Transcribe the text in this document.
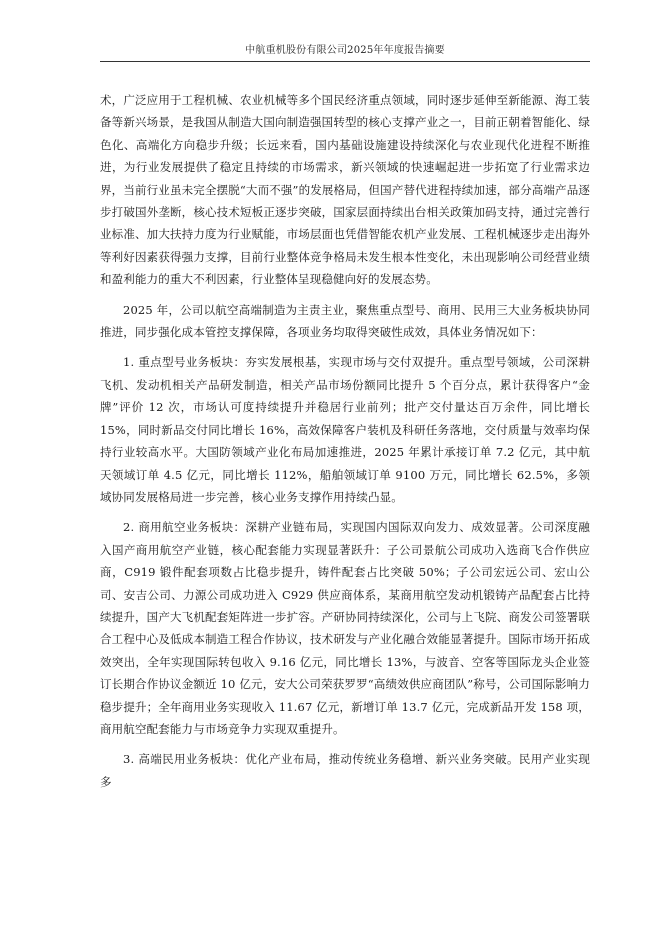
中航重机股份有限公司2025年年度报告摘要

术，广泛应用于工程机械、农业机械等多个国民经济重点领域，同时逐步延伸至新能源、海工装备等新兴场景，是我国从制造大国向制造强国转型的核心支撑产业之一，目前正朝着智能化、绿色化、高端化方向稳步升级；长远来看，国内基础设施建设持续深化与农业现代化进程不断推进，为行业发展提供了稳定且持续的市场需求，新兴领域的快速崛起进一步拓宽了行业需求边界，当前行业虽未完全摆脱“大而不强”的发展格局，但国产替代进程持续加速，部分高端产品逐步打破国外垄断，核心技术短板正逐步突破，国家层面持续出台相关政策加码支持，通过完善行业标准、加大扶持力度为行业赋能，市场层面也凭借智能农机产业发展、工程机械逐步走出海外等利好因素获得强力支撑，目前行业整体竞争格局未发生根本性变化，未出现影响公司经营业绩和盈利能力的重大不利因素，行业整体呈现稳健向好的发展态势。

2025 年，公司以航空高端制造为主责主业，聚焦重点型号、商用、民用三大业务板块协同推进，同步强化成本管控支撑保障，各项业务均取得突破性成效，具体业务情况如下：

1. 重点型号业务板块：夯实发展根基，实现市场与交付双提升。重点型号领域，公司深耕飞机、发动机相关产品研发制造，相关产品市场份额同比提升 5 个百分点，累计获得客户“金牌”评价 12 次，市场认可度持续提升并稳居行业前列；批产交付量达百万余件，同比增长 15%，同时新品交付同比增长 16%，高效保障客户装机及科研任务落地，交付质量与效率均保持行业较高水平。大国防领域产业化布局加速推进，2025 年累计承接订单 7.2 亿元，其中航天领域订单 4.5 亿元，同比增长 112%，船舶领域订单 9100 万元，同比增长 62.5%，多领域协同发展格局进一步完善，核心业务支撑作用持续凸显。

2. 商用航空业务板块：深耕产业链布局，实现国内国际双向发力、成效显著。公司深度融入国产商用航空产业链，核心配套能力实现显著跃升：子公司景航公司成功入选商飞合作供应商，C919 锻件配套项数占比稳步提升，铸件配套占比突破 50%；子公司宏远公司、宏山公司、安吉公司、力源公司成功进入 C929 供应商体系，某商用航空发动机锻铸产品配套占比持续提升，国产大飞机配套矩阵进一步扩容。产研协同持续深化，公司与上飞院、商发公司签署联合工程中心及低成本制造工程合作协议，技术研发与产业化融合效能显著提升。国际市场开拓成效突出，全年实现国际转包收入 9.16 亿元，同比增长 13%，与波音、空客等国际龙头企业签订长期合作协议金额近 10 亿元，安大公司荣获罗罗“高绩效供应商团队”称号，公司国际影响力稳步提升；全年商用业务实现收入 11.67 亿元，新增订单 13.7 亿元，完成新品开发 158 项，商用航空配套能力与市场竞争力实现双重提升。

3. 高端民用业务板块：优化产业布局，推动传统业务稳增、新兴业务突破。民用产业实现多
